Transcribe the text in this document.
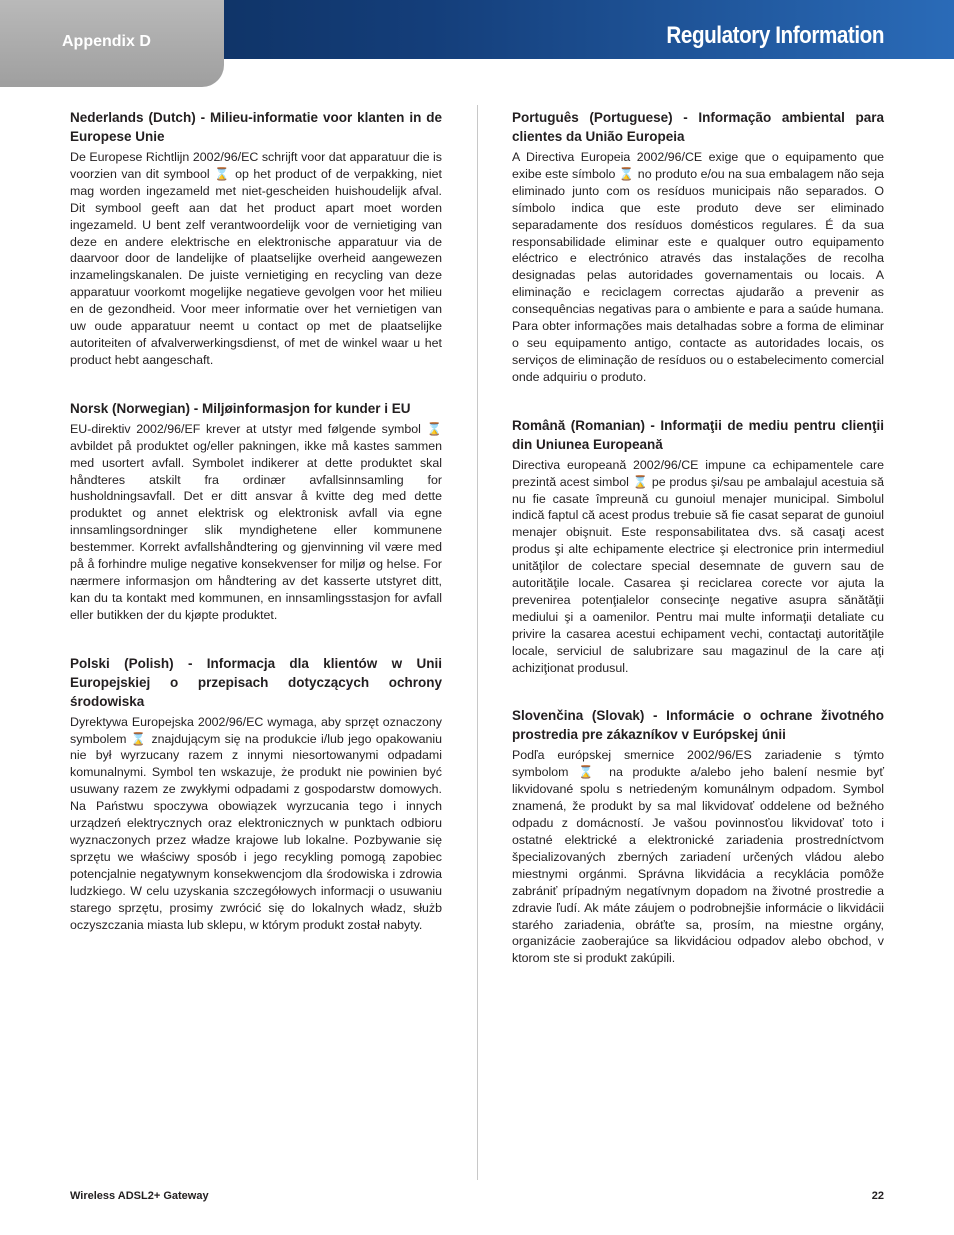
Appendix D	Regulatory Information
Nederlands (Dutch) - Milieu-informatie voor klanten in de Europese Unie

De Europese Richtlijn 2002/96/EC schrijft voor dat apparatuur die is voorzien van dit symbool ⌛ op het product of de verpakking, niet mag worden ingezameld met niet-gescheiden huishoudelijk afval. Dit symbool geeft aan dat het product apart moet worden ingezameld. U bent zelf verantwoordelijk voor de vernietiging van deze en andere elektrische en elektronische apparatuur via de daarvoor door de landelijke of plaatselijke overheid aangewezen inzamelingskanalen. De juiste vernietiging en recycling van deze apparatuur voorkomt mogelijke negatieve gevolgen voor het milieu en de gezondheid. Voor meer informatie over het vernietigen van uw oude apparatuur neemt u contact op met de plaatselijke autoriteiten of afvalverwerkingsdienst, of met de winkel waar u het product hebt aangeschaft.

Norsk (Norwegian) - Miljøinformasjon for kunder i EU

EU-direktiv 2002/96/EF krever at utstyr med følgende symbol ⌛ avbildet på produktet og/eller pakningen, ikke må kastes sammen med usortert avfall. Symbolet indikerer at dette produktet skal håndteres atskilt fra ordinær avfallsinnsamling for husholdningsavfall. Det er ditt ansvar å kvitte deg med dette produktet og annet elektrisk og elektronisk avfall via egne innsamlingsordninger slik myndighetene eller kommunene bestemmer. Korrekt avfallshåndtering og gjenvinning vil være med på å forhindre mulige negative konsekvenser for miljø og helse. For nærmere informasjon om håndtering av det kasserte utstyret ditt, kan du ta kontakt med kommunen, en innsamlingsstasjon for avfall eller butikken der du kjøpte produktet.

Polski (Polish) - Informacja dla klientów w Unii Europejskiej o przepisach dotyczących ochrony środowiska

Dyrektywa Europejska 2002/96/EC wymaga, aby sprzęt oznaczony symbolem ⌛ znajdującym się na produkcie i/lub jego opakowaniu nie był wyrzucany razem z innymi niesortowanymi odpadami komunalnymi. Symbol ten wskazuje, że produkt nie powinien być usuwany razem ze zwykłymi odpadami z gospodarstw domowych. Na Państwu spoczywa obowiązek wyrzucania tego i innych urządzeń elektrycznych oraz elektronicznych w punktach odbioru wyznaczonych przez władze krajowe lub lokalne. Pozbywanie się sprzętu we właściwy sposób i jego recykling pomogą zapobiec potencjalnie negatywnym konsekwencjom dla środowiska i zdrowia ludzkiego. W celu uzyskania szczegółowych informacji o usuwaniu starego sprzętu, prosimy zwrócić się do lokalnych władz, służb oczyszczania miasta lub sklepu, w którym produkt został nabyty.

Português (Portuguese) - Informação ambiental para clientes da União Europeia

A Directiva Europeia 2002/96/CE exige que o equipamento que exibe este símbolo ⌛ no produto e/ou na sua embalagem não seja eliminado junto com os resíduos municipais não separados. O símbolo indica que este produto deve ser eliminado separadamente dos resíduos domésticos regulares. É da sua responsabilidade eliminar este e qualquer outro equipamento eléctrico e electrónico através das instalações de recolha designadas pelas autoridades governamentais ou locais. A eliminação e reciclagem correctas ajudarão a prevenir as consequências negativas para o ambiente e para a saúde humana. Para obter informações mais detalhadas sobre a forma de eliminar o seu equipamento antigo, contacte as autoridades locais, os serviços de eliminação de resíduos ou o estabelecimento comercial onde adquiriu o produto.

Română (Romanian) - Informaţii de mediu pentru clienţii din Uniunea Europeană

Directiva europeană 2002/96/CE impune ca echipamentele care prezintă acest simbol ⌛ pe produs şi/sau pe ambalajul acestuia să nu fie casate împreună cu gunoiul menajer municipal. Simbolul indică faptul că acest produs trebuie să fie casat separat de gunoiul menajer obişnuit. Este responsabilitatea dvs. să casaţi acest produs şi alte echipamente electrice şi electronice prin intermediul unităţilor de colectare special desemnate de guvern sau de autorităţile locale. Casarea şi reciclarea corecte vor ajuta la prevenirea potenţialelor consecinţe negative asupra sănătăţii mediului şi a oamenilor. Pentru mai multe informaţii detaliate cu privire la casarea acestui echipament vechi, contactaţi autorităţile locale, serviciul de salubrizare sau magazinul de la care aţi achiziţionat produsul.

Slovenčina (Slovak) - Informácie o ochrane životného prostredia pre zákazníkov v Európskej únii

Podľa európskej smernice 2002/96/ES zariadenie s týmto symbolom ⌛ na produkte a/alebo jeho balení nesmie byť likvidované spolu s netriedeným komunálnym odpadom. Symbol znamená, že produkt by sa mal likvidovať oddelene od bežného odpadu z domácností. Je vašou povinnosťou likvidovať toto i ostatné elektrické a elektronické zariadenia prostredníctvom špecializovaných zberných zariadení určených vládou alebo miestnymi orgánmi. Správna likvidácia a recyklácia pomôže zabrániť prípadným negatívnym dopadom na životné prostredie a zdravie ľudí. Ak máte záujem o podrobnejšie informácie o likvidácii starého zariadenia, obráťte sa, prosím, na miestne orgány, organizácie zaoberajúce sa likvidáciou odpadov alebo obchod, v ktorom ste si produkt zakúpili.

Wireless ADSL2+ Gateway	22
